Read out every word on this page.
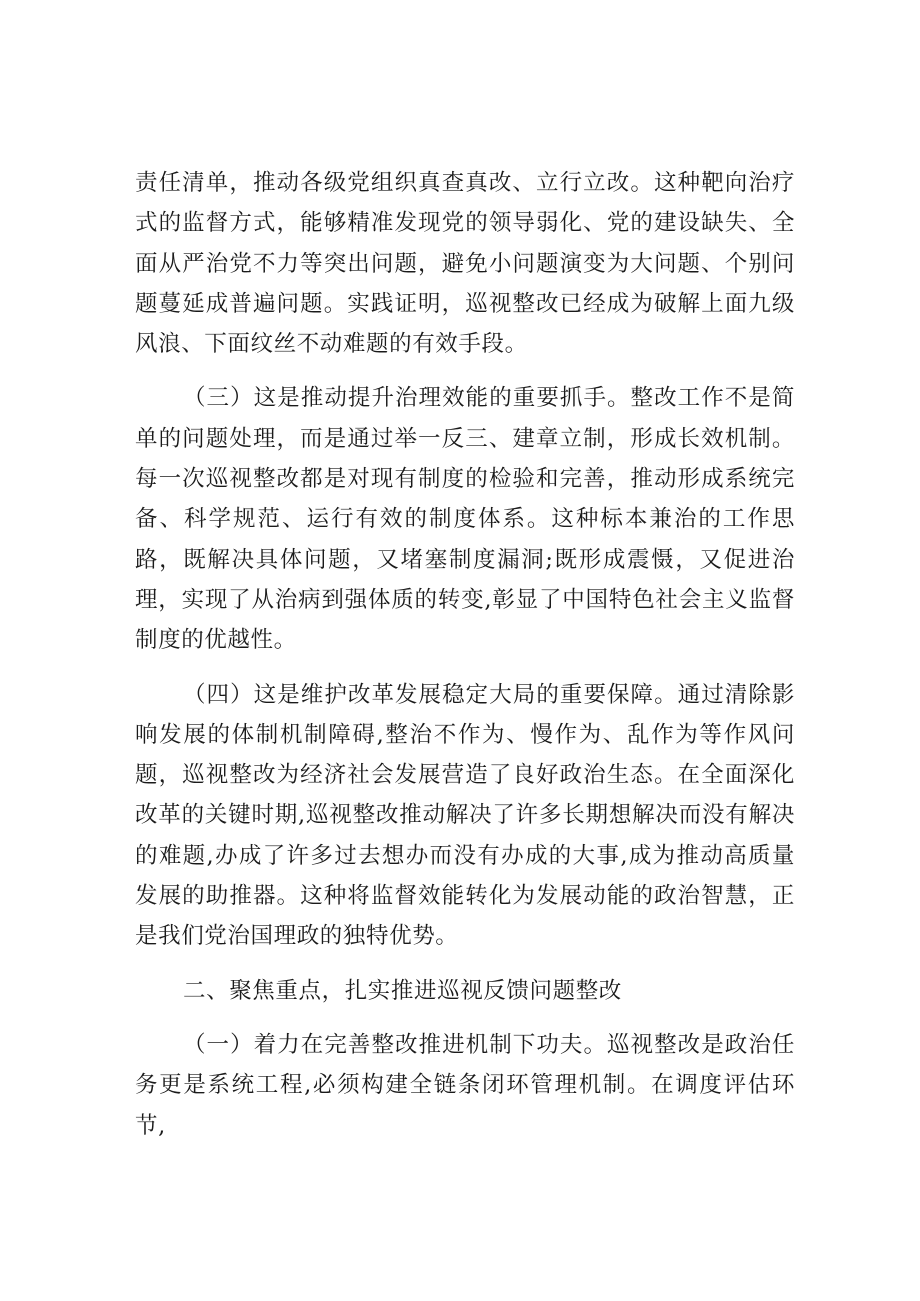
责任清单，推动各级党组织真查真改、立行立改。这种靶向治疗式的监督方式，能够精准发现党的领导弱化、党的建设缺失、全面从严治党不力等突出问题，避免小问题演变为大问题、个别问题蔓延成普遍问题。实践证明，巡视整改已经成为破解上面九级风浪、下面纹丝不动难题的有效手段。

（三）这是推动提升治理效能的重要抓手。整改工作不是简单的问题处理，而是通过举一反三、建章立制，形成长效机制。每一次巡视整改都是对现有制度的检验和完善，推动形成系统完备、科学规范、运行有效的制度体系。这种标本兼治的工作思路，既解决具体问题，又堵塞制度漏洞;既形成震慑，又促进治理，实现了从治病到强体质的转变,彰显了中国特色社会主义监督制度的优越性。

（四）这是维护改革发展稳定大局的重要保障。通过清除影响发展的体制机制障碍,整治不作为、慢作为、乱作为等作风问题，巡视整改为经济社会发展营造了良好政治生态。在全面深化改革的关键时期,巡视整改推动解决了许多长期想解决而没有解决的难题,办成了许多过去想办而没有办成的大事,成为推动高质量发展的助推器。这种将监督效能转化为发展动能的政治智慧，正是我们党治国理政的独特优势。

二、聚焦重点，扎实推进巡视反馈问题整改

（一）着力在完善整改推进机制下功夫。巡视整改是政治任务更是系统工程,必须构建全链条闭环管理机制。在调度评估环节,
